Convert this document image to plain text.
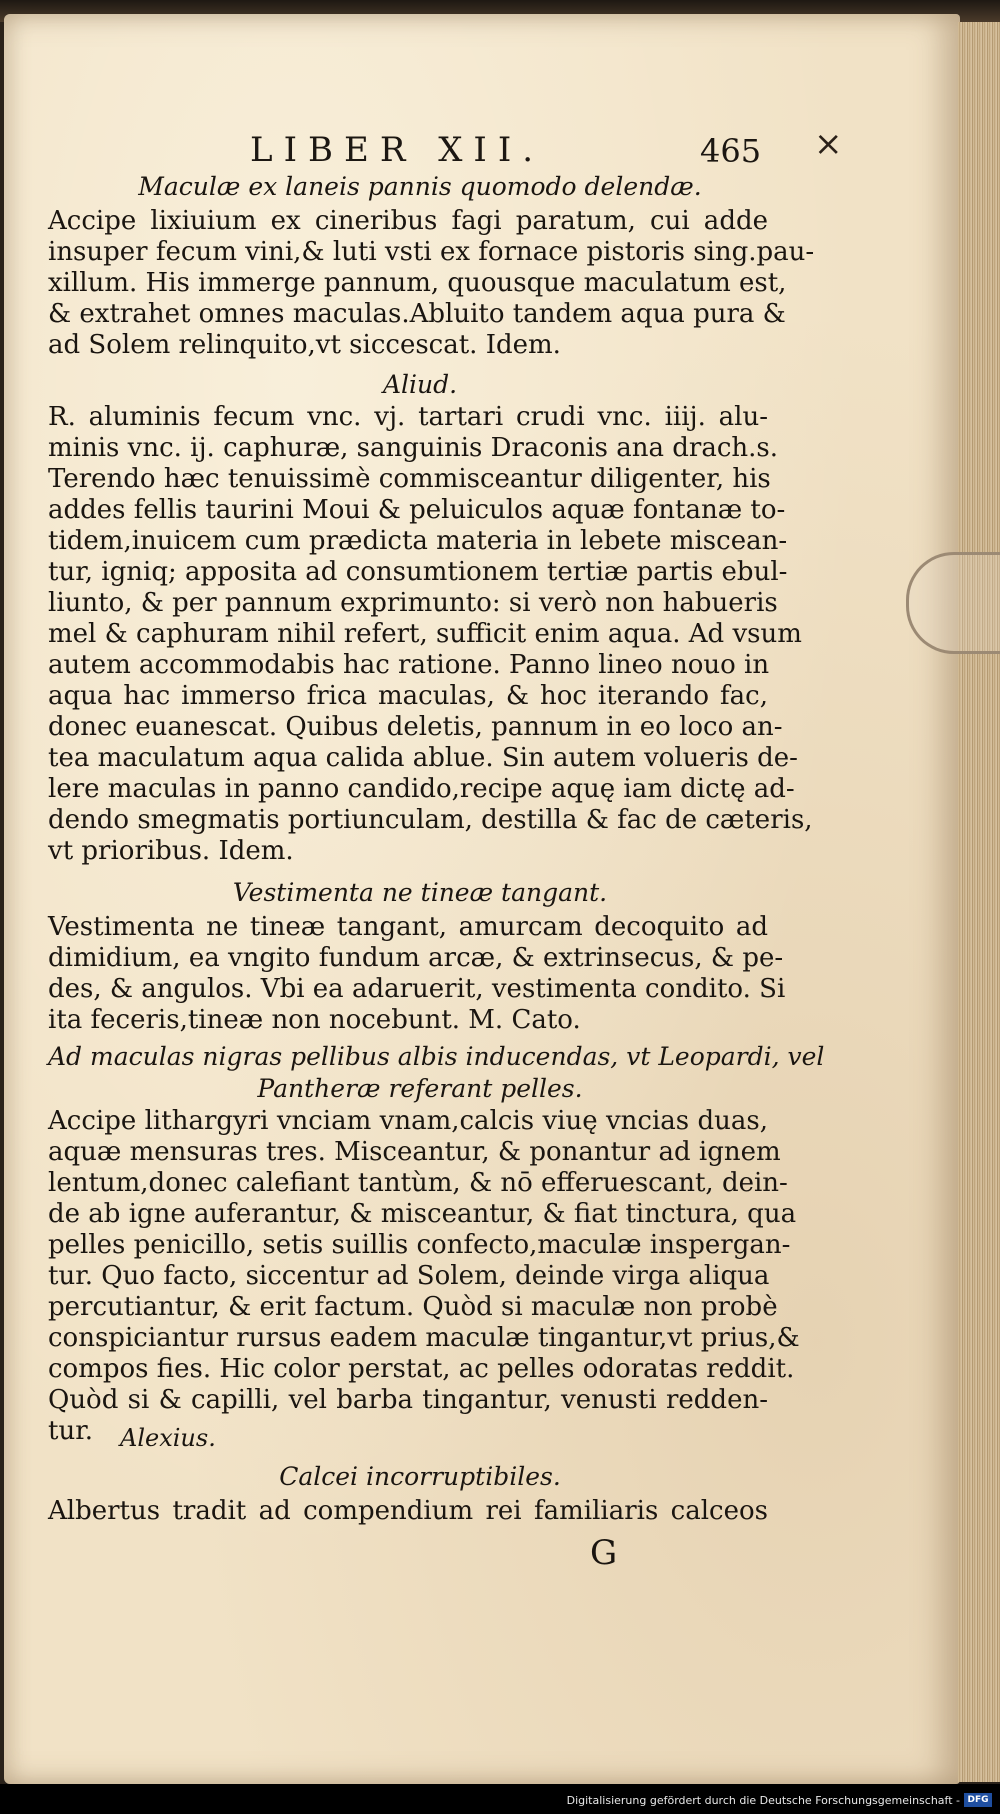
LIBER XII.	465 ×
Maculæ ex laneis pannis quomodo delendæ.
Accipe lixiuium ex cineribus fagi paratum, cui adde
insuper fecum vini,& luti vsti ex fornace pistoris sing.pau-
xillum. His immerge pannum, quousque maculatum est,
& extrahet omnes maculas.Abluito tandem aqua pura &
ad Solem relinquito,vt siccescat. Idem.
Aliud.
R. aluminis fecum vnc. vj. tartari crudi vnc. iiij. alu-
minis vnc. ij. caphuræ, sanguinis Draconis ana drach.s.
Terendo hæc tenuissimè commisceantur diligenter, his
addes fellis taurini Moui & peluiculos aquæ fontanæ to-
tidem,inuicem cum prædicta materia in lebete miscean-
tur, igniq; apposita ad consumtionem tertiæ partis ebul-
liunto, & per pannum exprimunto: si verò non habueris
mel & caphuram nihil refert, sufficit enim aqua. Ad vsum
autem accommodabis hac ratione. Panno lineo nouo in
aqua hac immerso frica maculas, & hoc iterando fac,
donec euanescat. Quibus deletis, pannum in eo loco an-
tea maculatum aqua calida ablue. Sin autem volueris de-
lere maculas in panno candido,recipe aquę iam dictę ad-
dendo smegmatis portiunculam, destilla & fac de cæteris,
vt prioribus. Idem.
Vestimenta ne tineæ tangant.
Vestimenta ne tineæ tangant, amurcam decoquito ad
dimidium, ea vngito fundum arcæ, & extrinsecus, & pe-
des, & angulos. Vbi ea adaruerit, vestimenta condito. Si
ita feceris,tineæ non nocebunt. M. Cato.
Ad maculas nigras pellibus albis inducendas, vt Leopardi, vel
Pantheræ referant pelles.
Accipe lithargyri vnciam vnam,calcis viuę vncias duas,
aquæ mensuras tres. Misceantur, & ponantur ad ignem
lentum,donec calefiant tantùm, & nō efferuescant, dein-
de ab igne auferantur, & misceantur, & fiat tinctura, qua
pelles penicillo, setis suillis confecto,maculæ inspergan-
tur. Quo facto, siccentur ad Solem, deinde virga aliqua
percutiantur, & erit factum. Quòd si maculæ non probè
conspiciantur rursus eadem maculæ tingantur,vt prius,&
compos fies. Hic color perstat, ac pelles odoratas reddit.
Quòd si & capilli, vel barba tingantur, venusti redden-
tur.	Alexius.
Calcei incorruptibiles.
Albertus tradit ad compendium rei familiaris calceos
G
Digitalisierung gefördert durch die Deutsche Forschungsgemeinschaft - DFG
